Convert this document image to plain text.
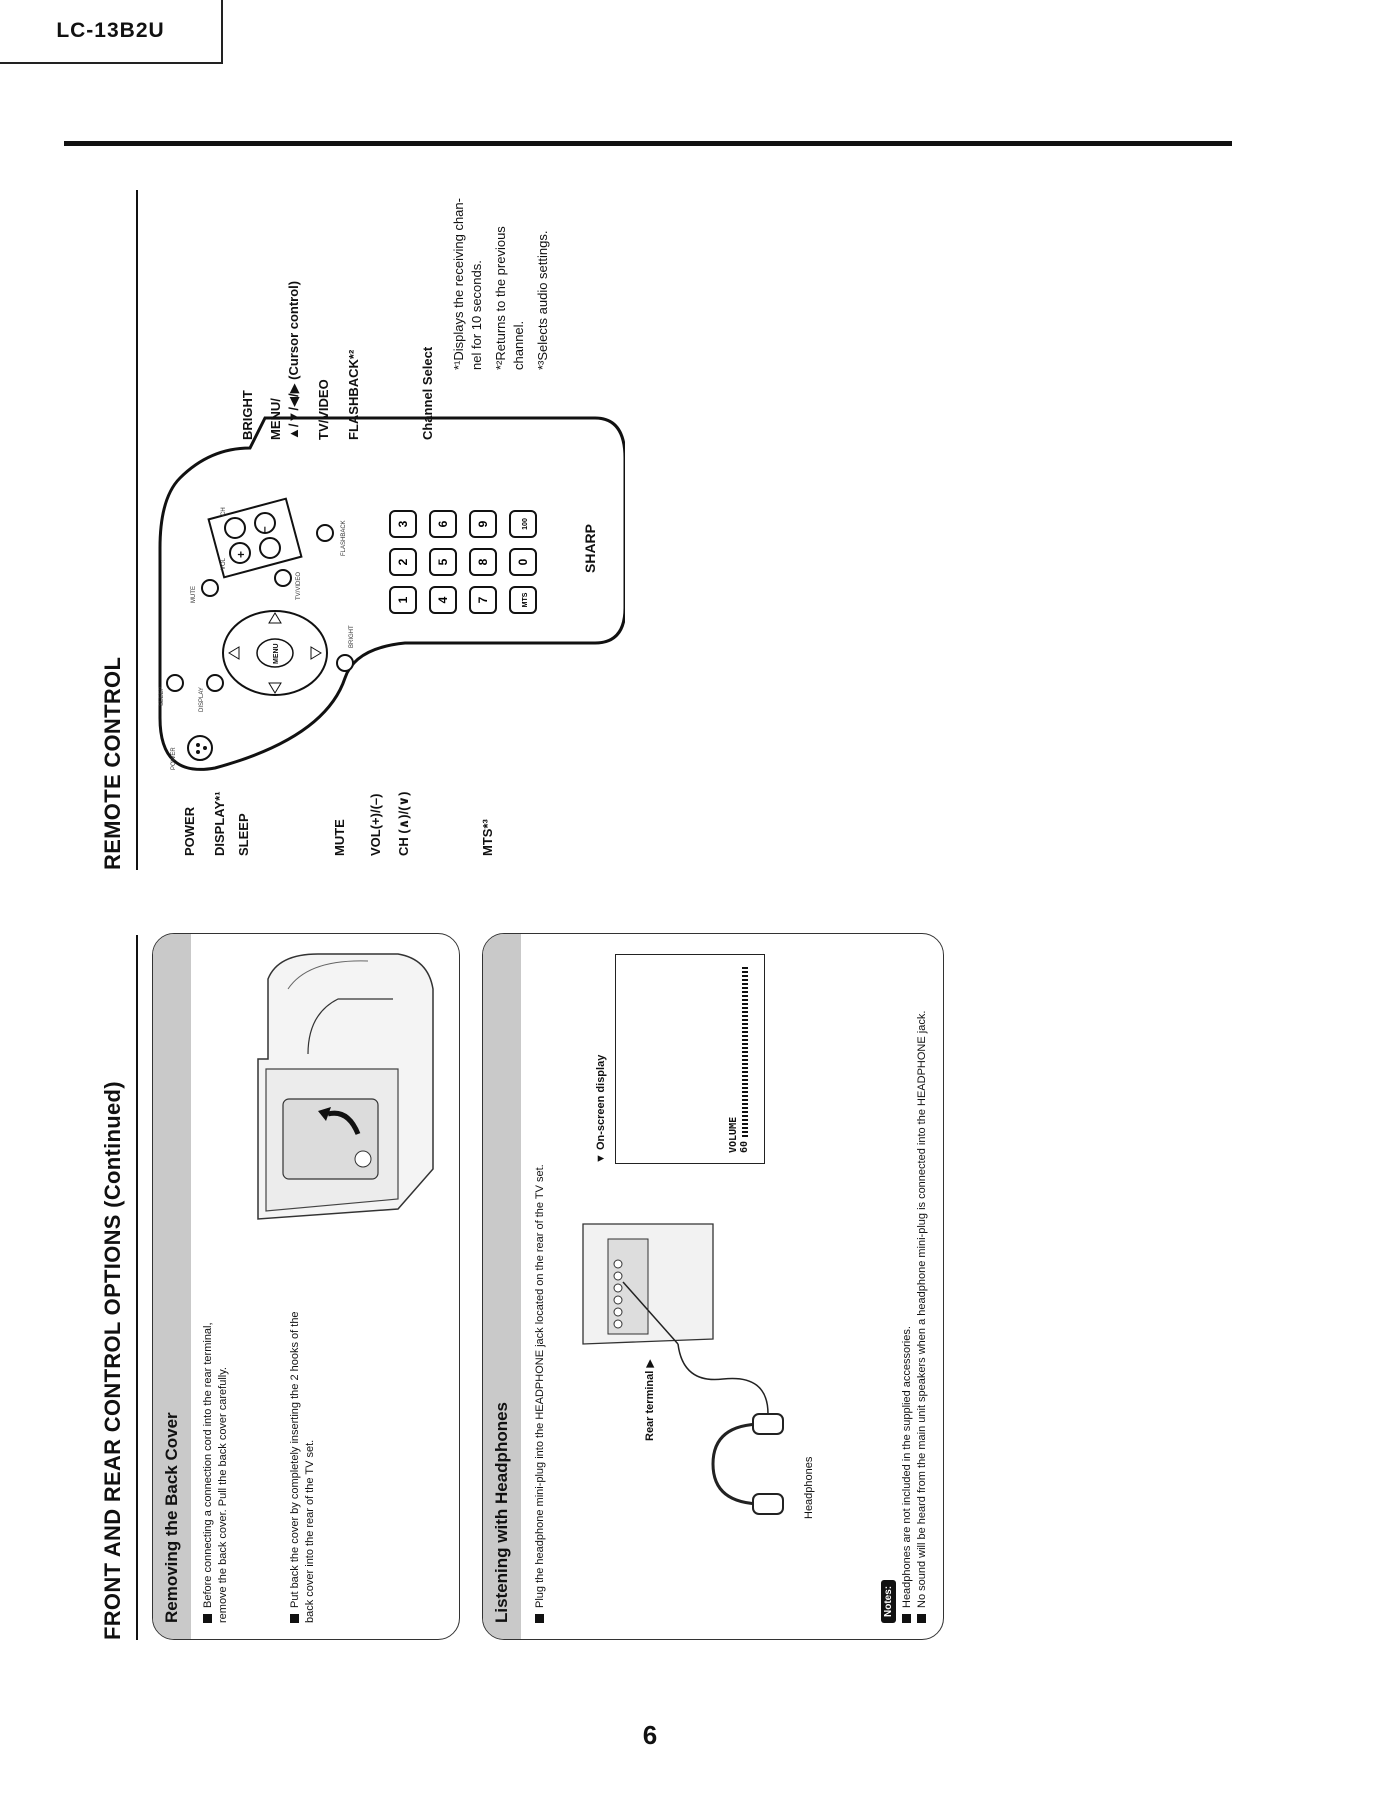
LC-13B2U
6
FRONT AND REAR CONTROL OPTIONS (Continued)	Removing the Back Cover	Before connecting a connection cord into the rear terminal, remove the back cover. Pull the back cover carefully.	Put back the cover by completely inserting the 2 hooks of the back cover into the rear of the TV set.	Listening with Headphones	Plug the headphone mini-plug into the HEADPHONE jack located on the rear of the TV set.	Rear terminal ▶
Headphones
▼ On-screen display	VOLUME 60
Notes: Headphones are not included in the supplied accessories. No sound will be heard from the main unit speakers when a headphone mini-plug is connected into the HEADPHONE jack.
REMOTE CONTROL	POWER
SLEEP	DISPLAY
BRIGHT
MENU
MUTE	TV/VIDEO
FLASHBACK
+
–
VOL
CH
1
2
3
4
5
6
7
8
9
MTS
0
100	SHARP
POWER DISPLAY*¹ SLEEP	MUTE VOL(+)/(–) CH (∧)/(∨)	MTS*³
BRIGHT MENU/ ▲/▼/◀/▶ (Cursor control) TV/VIDEO FLASHBACK*²	Channel Select
*¹Displays the receiving chan-nel for 10 seconds. *²Returns to the previous channel. *³Selects audio settings.
